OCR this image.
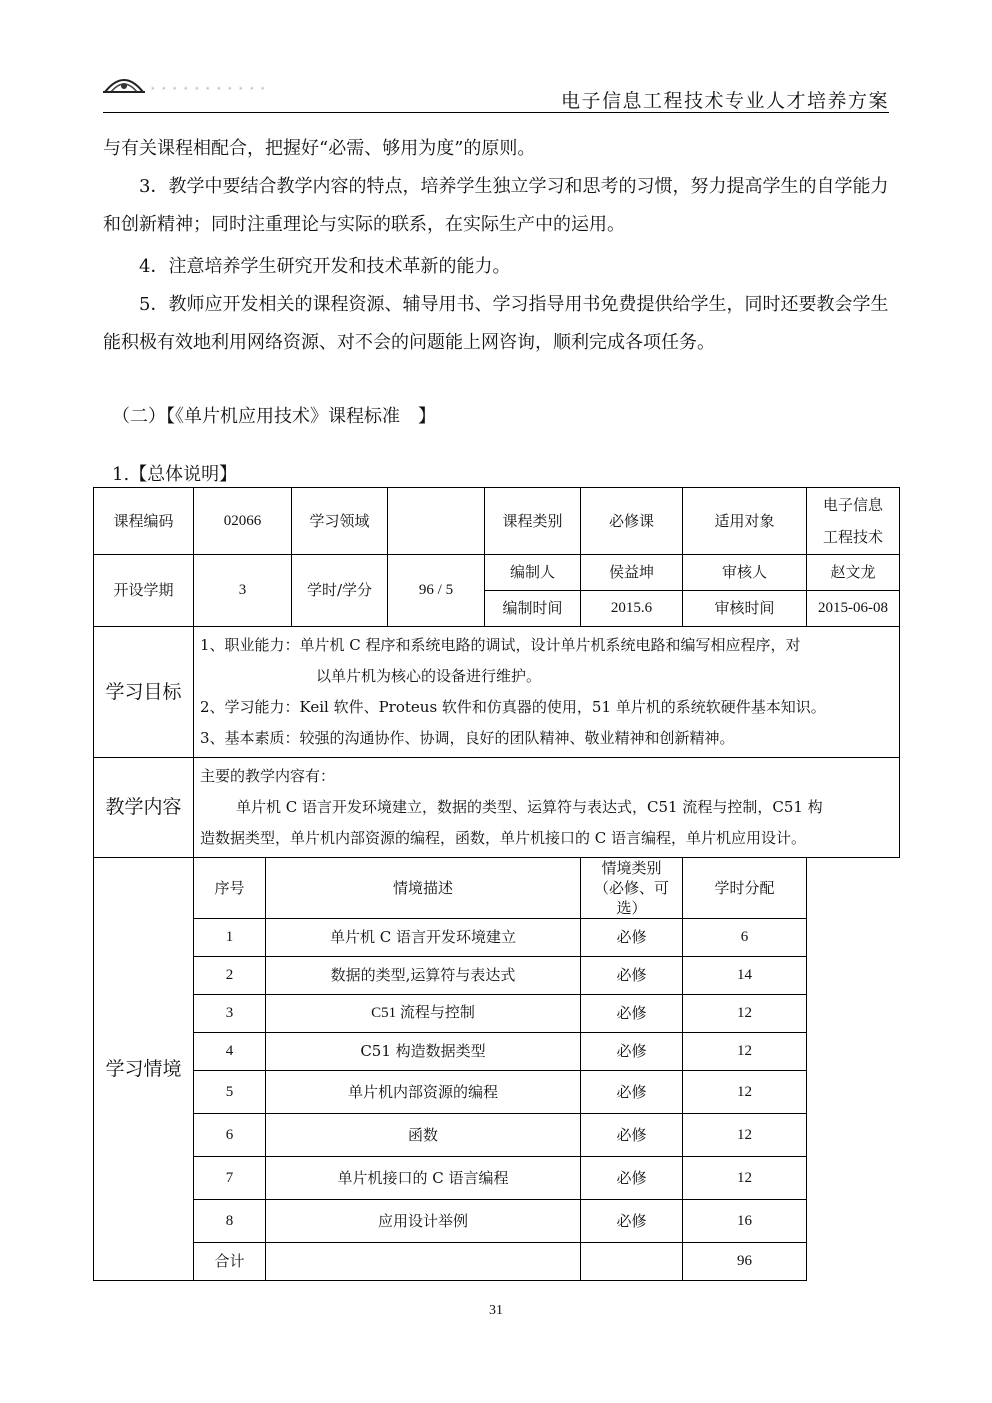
· · · · · · · · · · ·
电子信息工程技术专业人才培养方案

与有关课程相配合，把握好“必需、够用为度”的原则。

3．教学中要结合教学内容的特点，培养学生独立学习和思考的习惯，努力提高学生的自学能力和创新精神；同时注重理论与实际的联系，在实际生产中的运用。

4．注意培养学生研究开发和技术革新的能力。

5．教师应开发相关的课程资源、辅导用书、学习指导用书免费提供给学生，同时还要教会学生能积极有效地利用网络资源、对不会的问题能上网咨询，顺利完成各项任务。

（二）【《单片机应用技术》课程标准　】
1.【总体说明】
课程编码	02066		学习领域		课程类别	必修课	适用对象	电子信息工程技术
开设学期	3		学时/学分	96 / 5	编制人	侯益坤	审核人	赵文龙
					编制时间	2015.6	审核时间	2015-06-08
学习目标	1、职业能力：单片机 C 程序和系统电路的调试，设计单片机系统电路和编写相应程序，对
以单片机为核心的设备进行维护。
2、学习能力：Keil 软件、Proteus 软件和仿真器的使用，51 单片机的系统软硬件基本知识。
3、基本素质：较强的沟通协作、协调，良好的团队精神、敬业精神和创新精神。							

教学内容	主要的教学内容有：
单片机 C 语言开发环境建立，数据的类型、运算符与表达式，C51 流程与控制，C51 构
造数据类型，单片机内部资源的编程，函数，单片机接口的 C 语言编程，单片机应用设计。							

学习情境	序号	情境描述				情境类别
（必修、可选）	学时分配	
	1	单片机 C 语言开发环境建立				必修	6	
	2	数据的类型,运算符与表达式				必修	14	
	3	C51 流程与控制				必修	12	
	4	C51 构造数据类型				必修	12	
	5	单片机内部资源的编程				必修	12	
	6	函数				必修	12	
	7	单片机接口的 C 语言编程				必修	12	
	8	应用设计举例				必修	16	
	合计						96	
31
